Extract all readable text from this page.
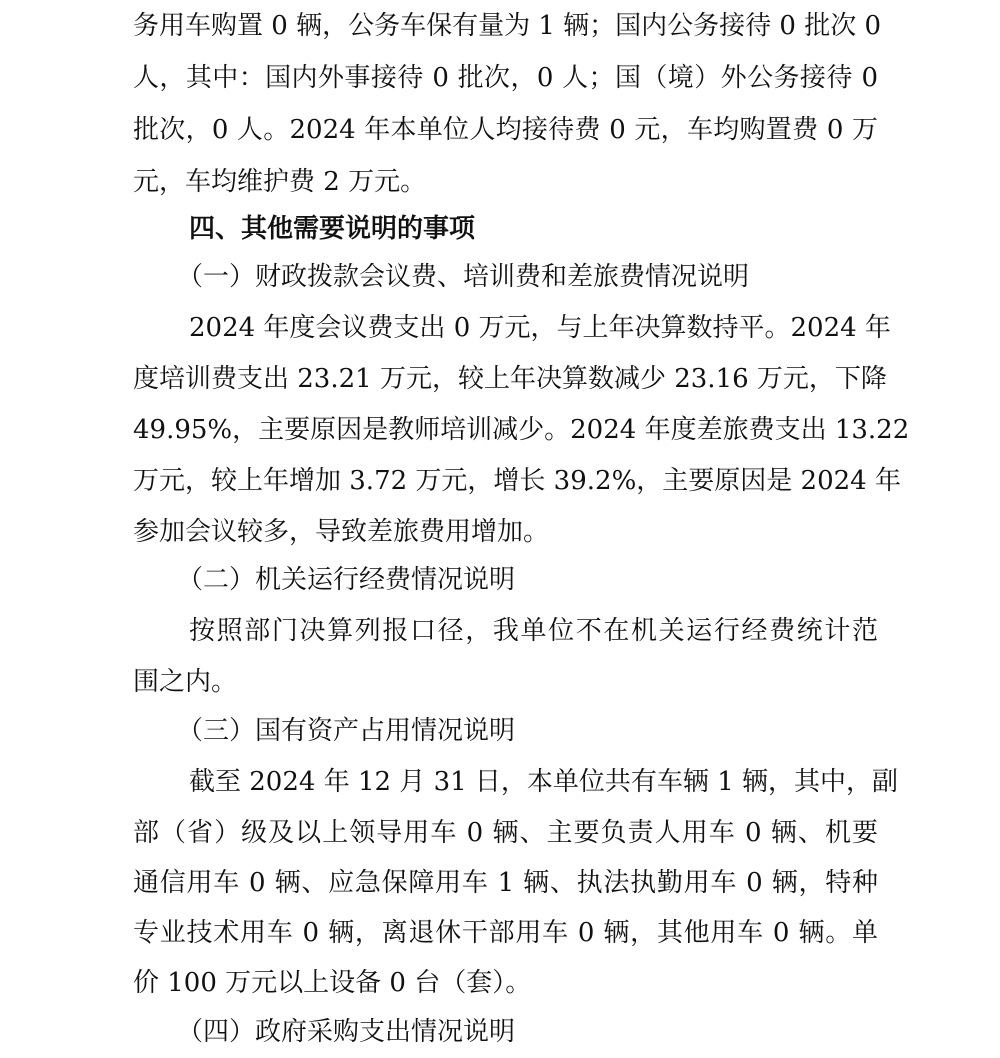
务用车购置 0 辆，公务车保有量为 1 辆；国内公务接待 0 批次 0
人，其中：国内外事接待 0 批次，0 人；国（境）外公务接待 0
批次，0 人。2024 年本单位人均接待费 0 元，车均购置费 0 万
元，车均维护费 2 万元。
四、其他需要说明的事项
（一）财政拨款会议费、培训费和差旅费情况说明
2024 年度会议费支出 0 万元，与上年决算数持平。2024 年
度培训费支出 23.21 万元，较上年决算数减少 23.16 万元，下降
49.95%，主要原因是教师培训减少。2024 年度差旅费支出 13.22
万元，较上年增加 3.72 万元，增长 39.2%，主要原因是 2024 年
参加会议较多，导致差旅费用增加。
（二）机关运行经费情况说明
按照部门决算列报口径，我单位不在机关运行经费统计范
围之内。
（三）国有资产占用情况说明
截至 2024 年 12 月 31 日，本单位共有车辆 1 辆，其中，副
部（省）级及以上领导用车 0 辆、主要负责人用车 0 辆、机要
通信用车 0 辆、应急保障用车 1 辆、执法执勤用车 0 辆，特种
专业技术用车 0 辆，离退休干部用车 0 辆，其他用车 0 辆。单
价 100 万元以上设备 0 台（套）。
（四）政府采购支出情况说明
